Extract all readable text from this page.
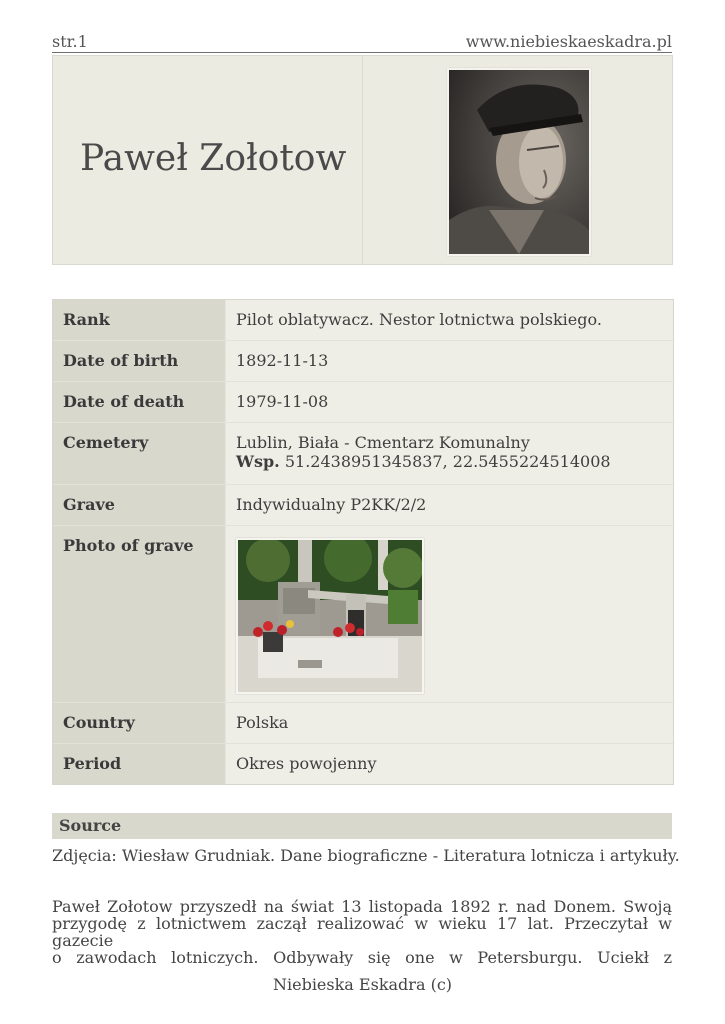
str.1	www.niebieskaeskadra.pl
Paweł Zołotow
Rank	Pilot oblatywacz. Nestor lotnictwa polskiego.
Date of birth	1892-11-13
Date of death	1979-11-08
Cemetery	Lublin, Biała - Cmentarz Komunalny
Wsp. 51.2438951345837, 22.5455224514008
Grave	Indywidualny P2KK/2/2
Photo of grave
Country	Polska
Period	Okres powojenny
Source
Zdjęcia: Wiesław Grudniak. Dane biograficzne - Literatura lotnicza i artykuły.
Paweł Zołotow przyszedł na świat 13 listopada 1892 r. nad Donem. Swoją
przygodę z lotnictwem zaczął realizować w wieku 17 lat. Przeczytał w gazecie
o zawodach lotniczych. Odbywały się one w Petersburgu. Uciekł z
Niebieska Eskadra (c)
